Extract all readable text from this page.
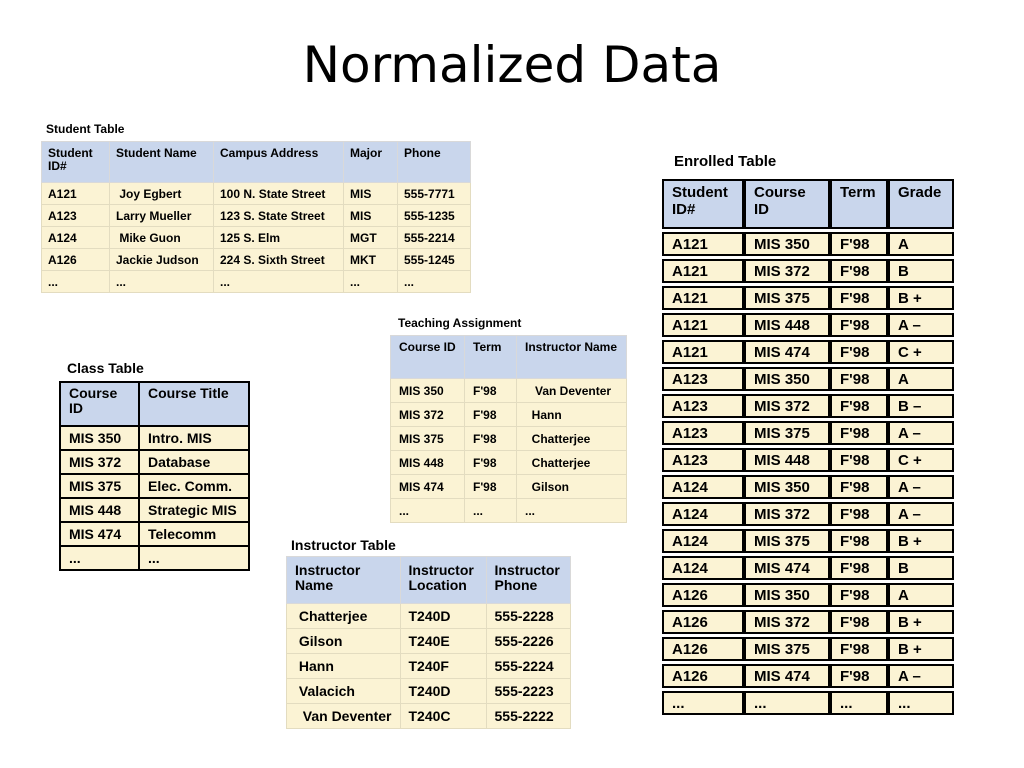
Normalized Data
Student Table
Student ID#	Student Name	Campus Address	Major	Phone
A121	Joy Egbert	100 N. State Street	MIS	555-7771
A123	Larry Mueller	123 S. State Street	MIS	555-1235
A124	Mike Guon	125 S. Elm	MGT	555-2214
A126	Jackie Judson	224 S. Sixth Street	MKT	555-1245
...	...	...	...	...
Enrolled Table
Student ID#	Course ID	Term	Grade
A121	MIS 350	F'98	A
A121	MIS 372	F'98	B
A121	MIS 375	F'98	B +
A121	MIS 448	F'98	A –
A121	MIS 474	F'98	C +
A123	MIS 350	F'98	A
A123	MIS 372	F'98	B –
A123	MIS 375	F'98	A –
A123	MIS 448	F'98	C +
A124	MIS 350	F'98	A –
A124	MIS 372	F'98	A –
A124	MIS 375	F'98	B +
A124	MIS 474	F'98	B
A126	MIS 350	F'98	A
A126	MIS 372	F'98	B +
A126	MIS 375	F'98	B +
A126	MIS 474	F'98	A –
...	...	...	...
Teaching Assignment
Course ID	Term	Instructor Name
MIS 350	F'98	Van Deventer
MIS 372	F'98	Hann
MIS 375	F'98	Chatterjee
MIS 448	F'98	Chatterjee
MIS 474	F'98	Gilson
...	...	...
Class Table
Course ID	Course Title
MIS 350	Intro. MIS
MIS 372	Database
MIS 375	Elec. Comm.
MIS 448	Strategic MIS
MIS 474	Telecomm
...	...
Instructor Table
Instructor Name	Instructor Location	Instructor Phone
Chatterjee	T240D	555-2228
Gilson	T240E	555-2226
Hann	T240F	555-2224
Valacich	T240D	555-2223
Van Deventer	T240C	555-2222
